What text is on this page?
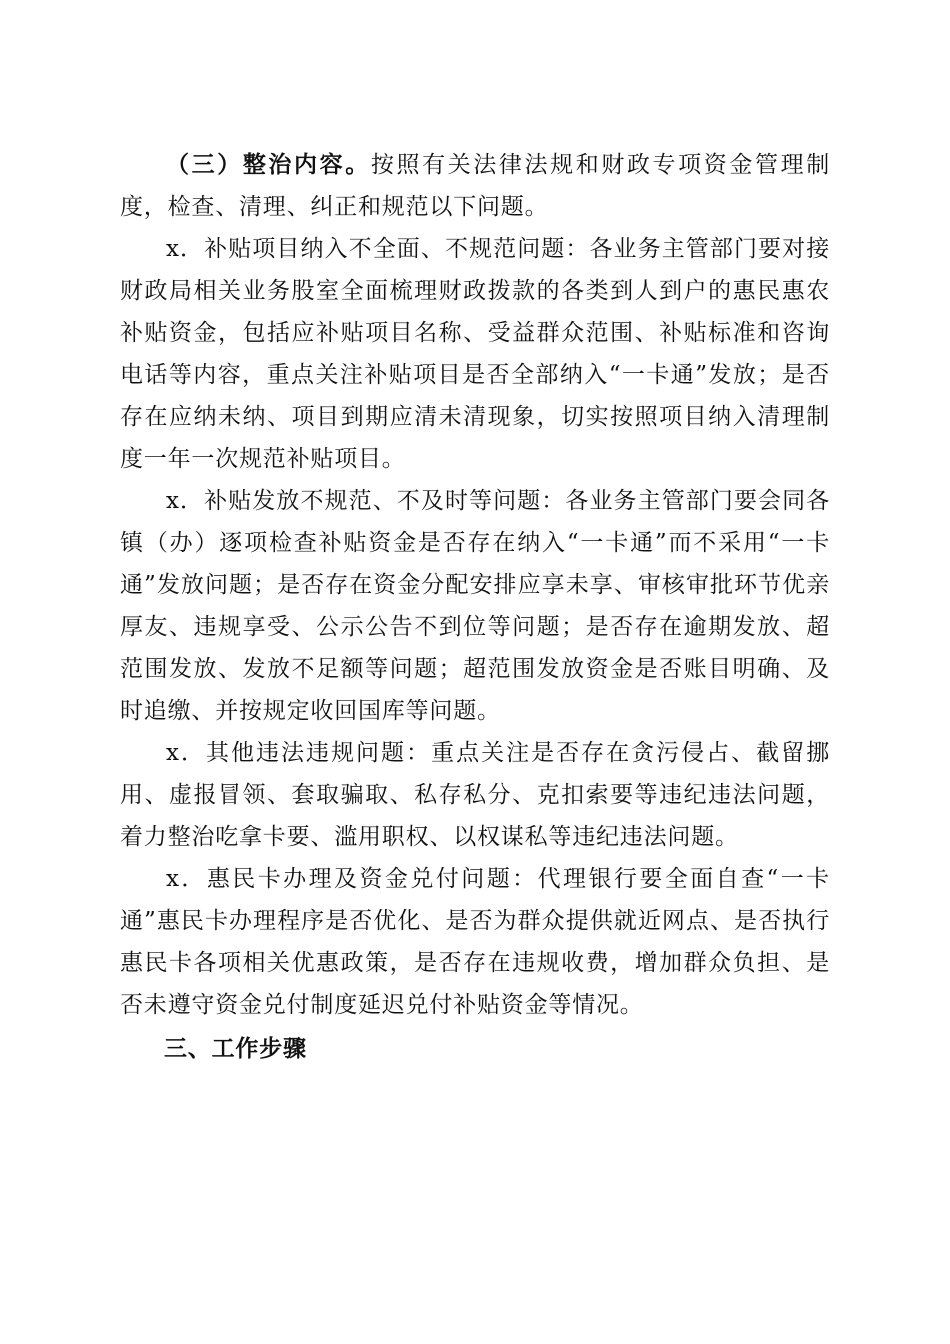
（三）整治内容。按照有关法律法规和财政专项资金管理制度，检查、清理、纠正和规范以下问题。

x．补贴项目纳入不全面、不规范问题：各业务主管部门要对接财政局相关业务股室全面梳理财政拨款的各类到人到户的惠民惠农补贴资金，包括应补贴项目名称、受益群众范围、补贴标准和咨询电话等内容，重点关注补贴项目是否全部纳入“一卡通”发放；是否存在应纳未纳、项目到期应清未清现象，切实按照项目纳入清理制度一年一次规范补贴项目。

x．补贴发放不规范、不及时等问题：各业务主管部门要会同各镇（办）逐项检查补贴资金是否存在纳入“一卡通”而不采用“一卡通”发放问题；是否存在资金分配安排应享未享、审核审批环节优亲厚友、违规享受、公示公告不到位等问题；是否存在逾期发放、超范围发放、发放不足额等问题；超范围发放资金是否账目明确、及时追缴、并按规定收回国库等问题。

x．其他违法违规问题：重点关注是否存在贪污侵占、截留挪用、虚报冒领、套取骗取、私存私分、克扣索要等违纪违法问题，着力整治吃拿卡要、滥用职权、以权谋私等违纪违法问题。

x．惠民卡办理及资金兑付问题：代理银行要全面自查“一卡通”惠民卡办理程序是否优化、是否为群众提供就近网点、是否执行惠民卡各项相关优惠政策，是否存在违规收费，增加群众负担、是否未遵守资金兑付制度延迟兑付补贴资金等情况。

三、工作步骤
